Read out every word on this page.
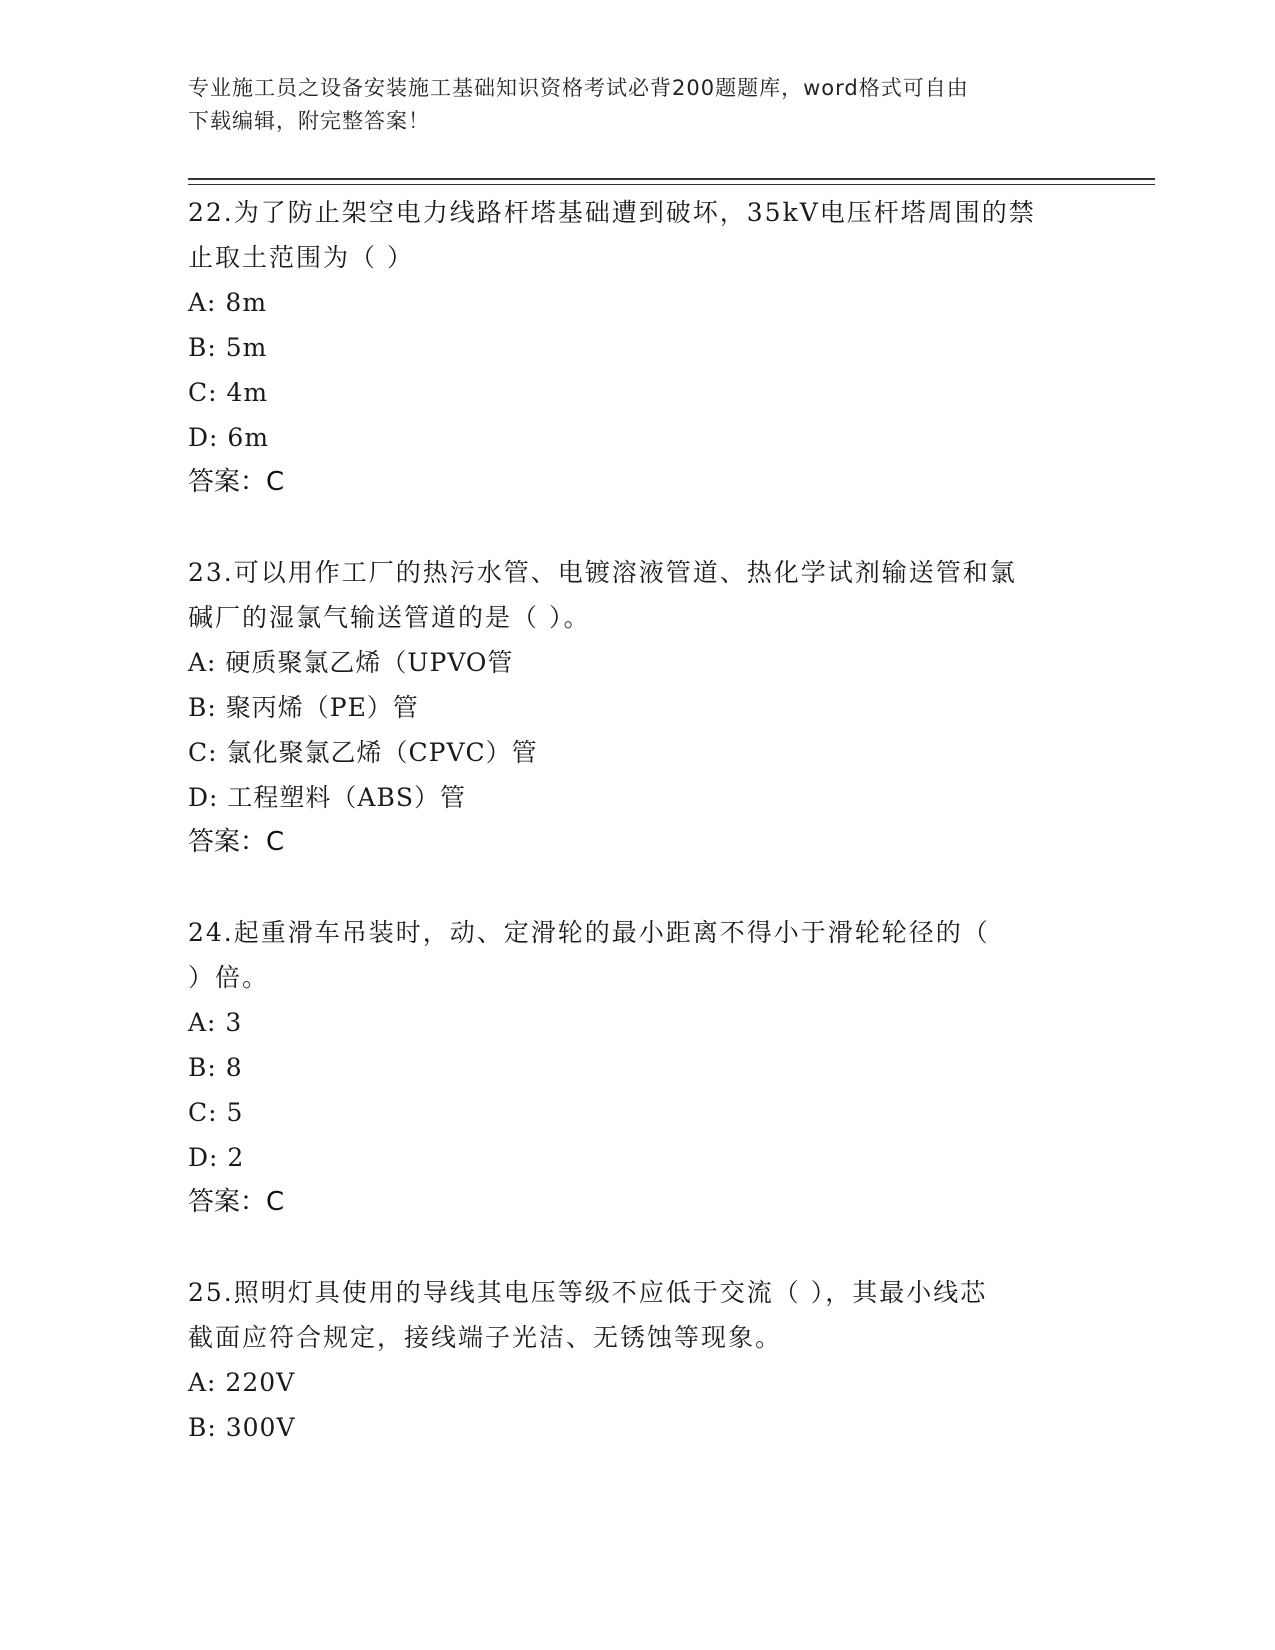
专业施工员之设备安装施工基础知识资格考试必背200题题库，word格式可自由
下载编辑，附完整答案！

22.为了防止架空电力线路杆塔基础遭到破坏，35kV电压杆塔周围的禁

止取土范围为（ ）

A: 8m

B: 5m

C: 4m

D: 6m

答案：C

23.可以用作工厂的热污水管、电镀溶液管道、热化学试剂输送管和氯

碱厂的湿氯气输送管道的是（ ）。

A: 硬质聚氯乙烯（UPVO管

B: 聚丙烯（PE）管

C: 氯化聚氯乙烯（CPVC）管

D: 工程塑料（ABS）管

答案：C

24.起重滑车吊装时，动、定滑轮的最小距离不得小于滑轮轮径的（

）倍。

A: 3

B: 8

C: 5

D: 2

答案：C

25.照明灯具使用的导线其电压等级不应低于交流（ ），其最小线芯

截面应符合规定，接线端子光洁、无锈蚀等现象。

A: 220V

B: 300V
